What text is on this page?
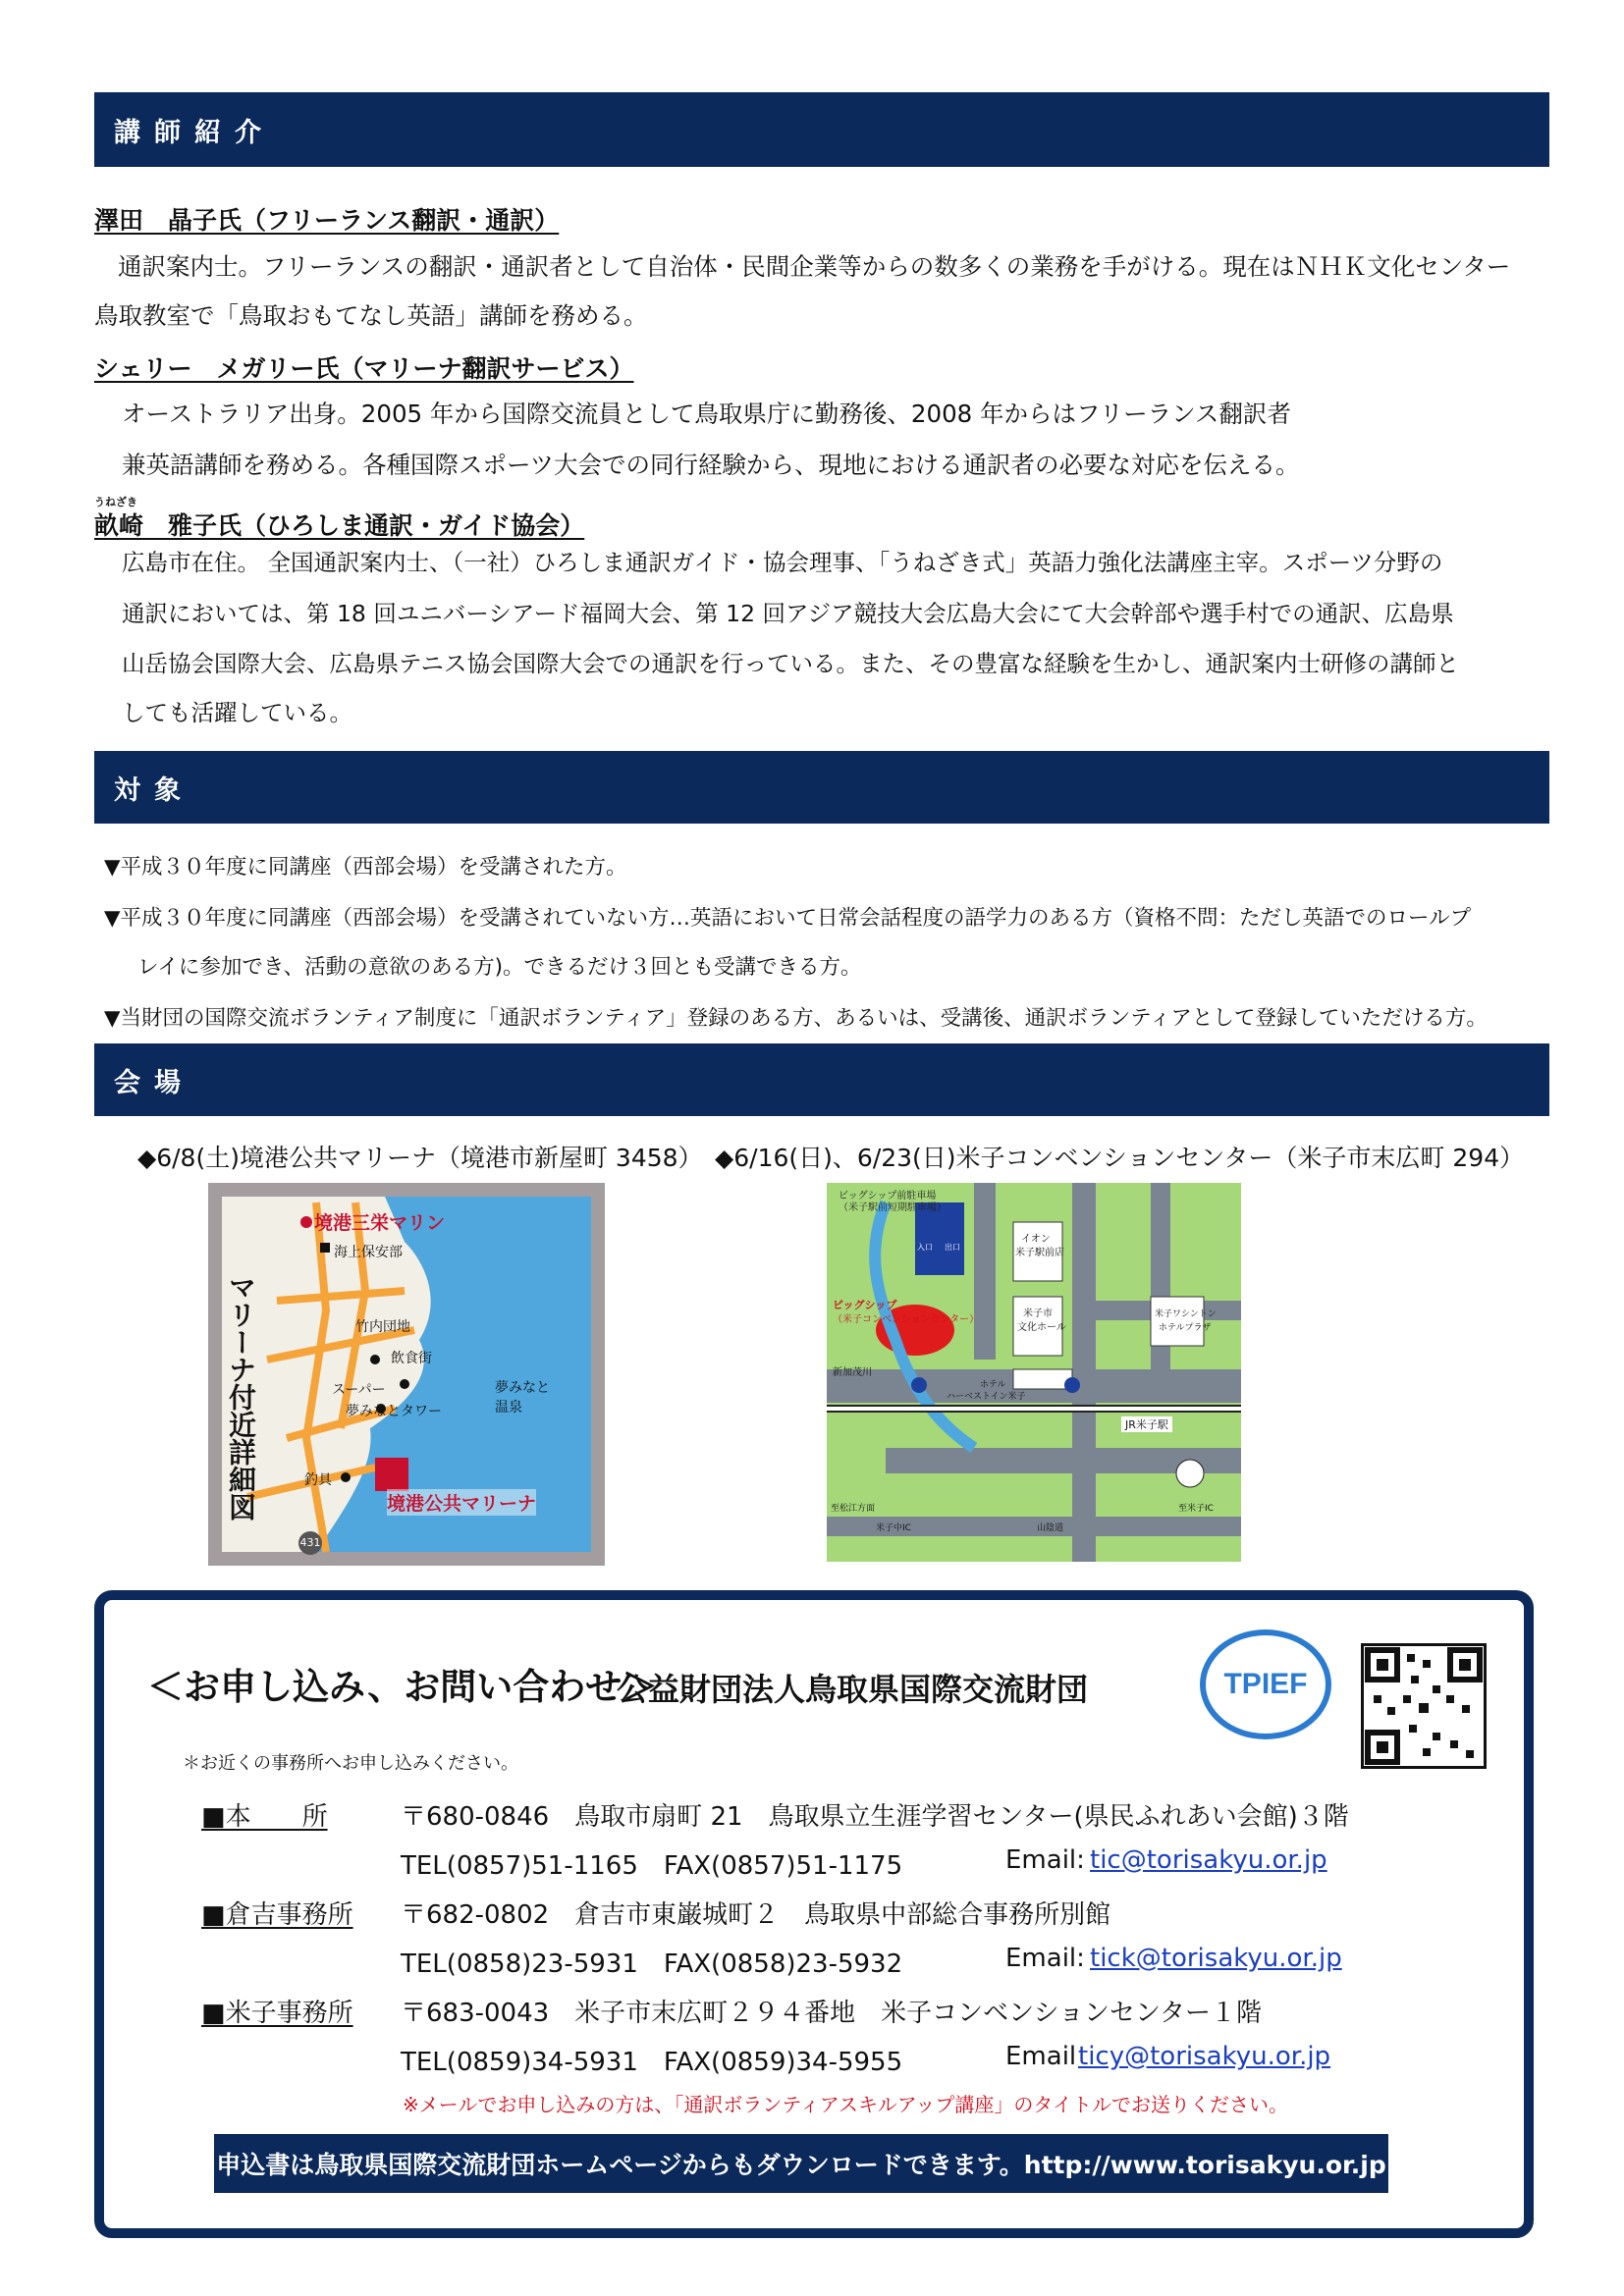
講師紹介
澤田　晶子氏（フリーランス翻訳・通訳）
通訳案内士。フリーランスの翻訳・通訳者として自治体・民間企業等からの数多くの業務を手がける。現在はＮＨＫ文化センター
鳥取教室で「鳥取おもてなし英語」講師を務める。
シェリー　メガリー氏（マリーナ翻訳サービス）
オーストラリア出身。2005 年から国際交流員として鳥取県庁に勤務後、2008 年からはフリーランス翻訳者
兼英語講師を務める。各種国際スポーツ大会での同行経験から、現地における通訳者の必要な対応を伝える。
うねざき
畝崎　雅子氏（ひろしま通訳・ガイド協会）
広島市在住。 全国通訳案内士、（一社）ひろしま通訳ガイド・協会理事、「うねざき式」英語力強化法講座主宰。スポーツ分野の
通訳においては、第 18 回ユニバーシアード福岡大会、第 12 回アジア競技大会広島大会にて大会幹部や選手村での通訳、広島県
山岳協会国際大会、広島県テニス協会国際大会での通訳を行っている。また、その豊富な経験を生かし、通訳案内士研修の講師と
しても活躍している。
対象
▼平成３０年度に同講座（西部会場）を受講された方。
▼平成３０年度に同講座（西部会場）を受講されていない方…英語において日常会話程度の語学力のある方（資格不問：ただし英語でのロールプ
レイに参加でき、活動の意欲のある方)。できるだけ３回とも受講できる方。
▼当財団の国際交流ボランティア制度に「通訳ボランティア」登録のある方、あるいは、受講後、通訳ボランティアとして登録していただける方。
会場
◆6/8(土)境港公共マリーナ（境港市新屋町 3458）　◆6/16(日)、6/23(日)米子コンベンションセンター（米子市末広町 294）
マリーナ付近詳細図
境港三栄マリン
海上保安部
竹内団地
飲食街
スーパー
夢みなとタワー
夢みなと温泉
釣具
境港公共マリーナ
431
ビッグシップ前駐車場
（米子駅前短期駐車場）
イオン
米子駅前店
ビッグシップ
（米子コンベンションセンター）
米子市
文化ホール
米子ワシントン
ホテルプラザ
新加茂川
ホテル
ハーベストイン米子
JR米子駅
至松江方面	至米子IC
米子中IC	山陰道
入口 出口
＜お申し込み、お問い合わせ＞
公益財団法人鳥取県国際交流財団	TPIEF
＊お近くの事務所へお申し込みください。
■本　　所	〒680-0846　鳥取市扇町 21　鳥取県立生涯学習センター(県民ふれあい会館)３階
TEL(0857)51-1165　FAX(0857)51-1175	Email: tic@torisakyu.or.jp
■倉吉事務所 〒682-0802　倉吉市東巌城町２　鳥取県中部総合事務所別館
TEL(0858)23-5931　FAX(0858)23-5932	Email: tick@torisakyu.or.jp
■米子事務所 〒683-0043　米子市末広町２９４番地　米子コンベンションセンター１階
TEL(0859)34-5931　FAX(0859)34-5955	Email ticy@torisakyu.or.jp
※メールでお申し込みの方は、「通訳ボランティアスキルアップ講座」のタイトルでお送りください。
申込書は鳥取県国際交流財団ホームページからもダウンロードできます。http://www.torisakyu.or.jp
